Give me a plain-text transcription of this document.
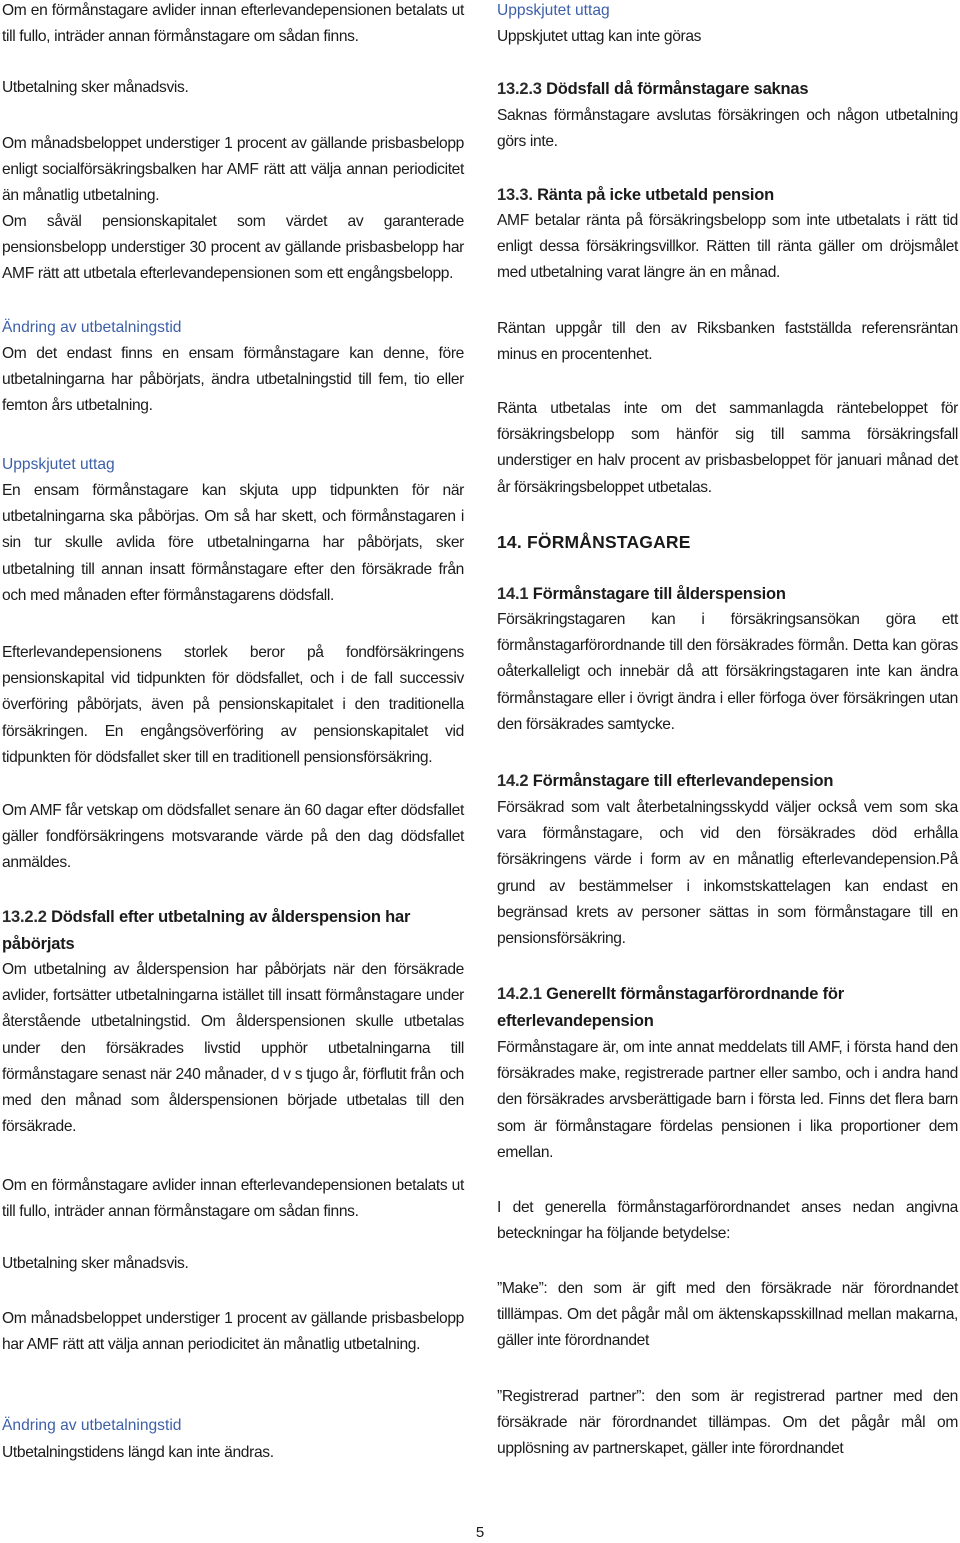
Om en förmånstagare avlider innan efterlevandepensionen betalats ut till fullo, inträder annan förmånstagare om sådan finns.

Utbetalning sker månadsvis.

Om månadsbeloppet understiger 1 procent av gällande prisbasbelopp enligt socialförsäkringsbalken har AMF rätt att välja annan periodicitet än månatlig utbetalning.

Om såväl pensionskapitalet som värdet av garanterade pensionsbelopp understiger 30 procent av gällande prisbasbelopp har AMF rätt att utbetala efterlevandepensionen som ett engångsbelopp.

Ändring av utbetalningstid

Om det endast finns en ensam förmånstagare kan denne, före utbetalningarna har påbörjats, ändra utbetalningstid till fem, tio eller femton års utbetalning.

Uppskjutet uttag

En ensam förmånstagare kan skjuta upp tidpunkten för när utbetalningarna ska påbörjas. Om så har skett, och förmånstagaren i sin tur skulle avlida före utbetalningarna har påbörjats, sker utbetalning till annan insatt förmånstagare efter den försäkrade från och med månaden efter förmånstagarens dödsfall.

Efterlevandepensionens storlek beror på fondförsäkringens pensionskapital vid tidpunkten för dödsfallet, och i de fall successiv överföring påbörjats, även på pensionskapitalet i den traditionella försäkringen. En engångsöverföring av pensionskapitalet vid tidpunkten för dödsfallet sker till en traditionell pensionsförsäkring.

Om AMF får vetskap om dödsfallet senare än 60 dagar efter dödsfallet gäller fondförsäkringens motsvarande värde på den dag dödsfallet anmäldes.

13.2.2 Dödsfall efter utbetalning av ålderspension har påbörjats

Om utbetalning av ålderspension har påbörjats när den försäkrade avlider, fortsätter utbetalningarna istället till insatt förmånstagare under återstående utbetalningstid. Om ålderspensionen skulle utbetalas under den försäkrades livstid upphör utbetalningarna till förmånstagare senast när 240 månader, d v s tjugo år, förflutit från och med den månad som ålderspensionen började utbetalas till den försäkrade.

Om en förmånstagare avlider innan efterlevandepensionen betalats ut till fullo, inträder annan förmånstagare om sådan finns.

Utbetalning sker månadsvis.

Om månadsbeloppet understiger 1 procent av gällande prisbasbelopp har AMF rätt att välja annan periodicitet än månatlig utbetalning.

Ändring av utbetalningstid

Utbetalningstidens längd kan inte ändras.

Uppskjutet uttag

Uppskjutet uttag kan inte göras

13.2.3 Dödsfall då förmånstagare saknas

Saknas förmånstagare avslutas försäkringen och någon utbetalning görs inte.

13.3. Ränta på icke utbetald pension

AMF betalar ränta på försäkringsbelopp som inte utbetalats i rätt tid enligt dessa försäkringsvillkor. Rätten till ränta gäller om dröjsmålet med utbetalning varat längre än en månad.

Räntan uppgår till den av Riksbanken fastställda referensräntan minus en procentenhet.

Ränta utbetalas inte om det sammanlagda räntebeloppet för försäkringsbelopp som hänför sig till samma försäkringsfall understiger en halv procent av prisbasbeloppet för januari månad det år försäkringsbeloppet utbetalas.

14. FÖRMÅNSTAGARE
14.1 Förmånstagare till ålderspension

Försäkringstagaren kan i försäkringsansökan göra ett förmånstagarförordnande till den försäkrades förmån. Detta kan göras oåterkalleligt och innebär då att försäkringstagaren inte kan ändra förmånstagare eller i övrigt ändra i eller förfoga över försäkringen utan den försäkrades samtycke.

14.2 Förmånstagare till efterlevandepension

Försäkrad som valt återbetalningsskydd väljer också vem som ska vara förmånstagare, och vid den försäkrades död erhålla försäkringens värde i form av en månatlig efterlevandepension.På grund av bestämmelser i inkomstskattelagen kan endast en begränsad krets av personer sättas in som förmånstagare till en pensionsförsäkring.

14.2.1 Generellt förmånstagarförordnande för efterlevandepension

Förmånstagare är, om inte annat meddelats till AMF, i första hand den försäkrades make, registrerade partner eller sambo, och i andra hand den försäkrades arvsberättigade barn i första led. Finns det flera barn som är förmånstagare fördelas pensionen i lika proportioner dem emellan.

I det generella förmånstagarförordnandet anses nedan angivna beteckningar ha följande betydelse:

”Make”: den som är gift med den försäkrade när förordnandet tilllämpas. Om det pågår mål om äktenskapsskillnad mellan makarna, gäller inte förordnandet

”Registrerad partner”: den som är registrerad partner med den försäkrade när förordnandet tillämpas. Om det pågår mål om upplösning av partnerskapet, gäller inte förordnandet

5
